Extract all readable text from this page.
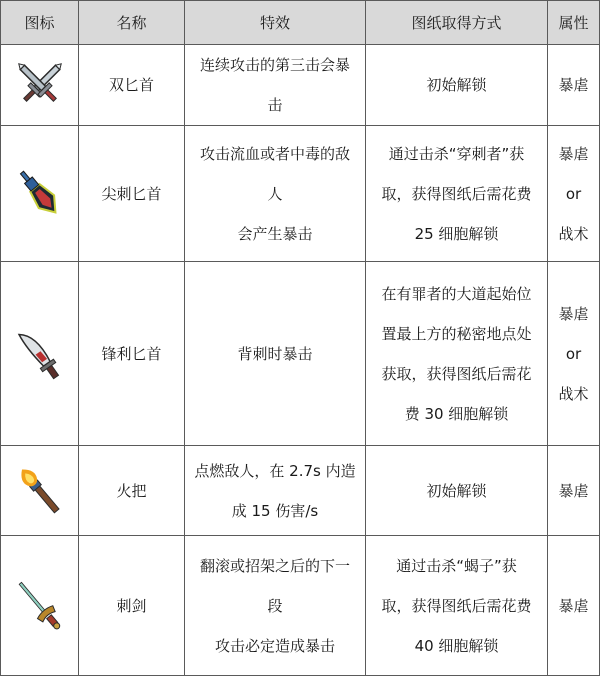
图标	名称	特效	图纸取得方式	属性

	双匕首	连续攻击的第三击会暴击	初始解锁	暴虐

	尖刺匕首	攻击流血或者中毒的敌人
会产生暴击	通过击杀“穿刺者”获
取，获得图纸后需花费
25 细胞解锁	暴虐
or
战术

	锋利匕首	背刺时暴击	在有罪者的大道起始位
置最上方的秘密地点处
获取，获得图纸后需花
费 30 细胞解锁	暴虐
or
战术

	火把	点燃敌人，在 2.7s 内造
成 15 伤害/s	初始解锁	暴虐

	刺剑	翻滚或招架之后的下一段
攻击必定造成暴击	通过击杀“蝎子”获
取，获得图纸后需花费
40 细胞解锁	暴虐
